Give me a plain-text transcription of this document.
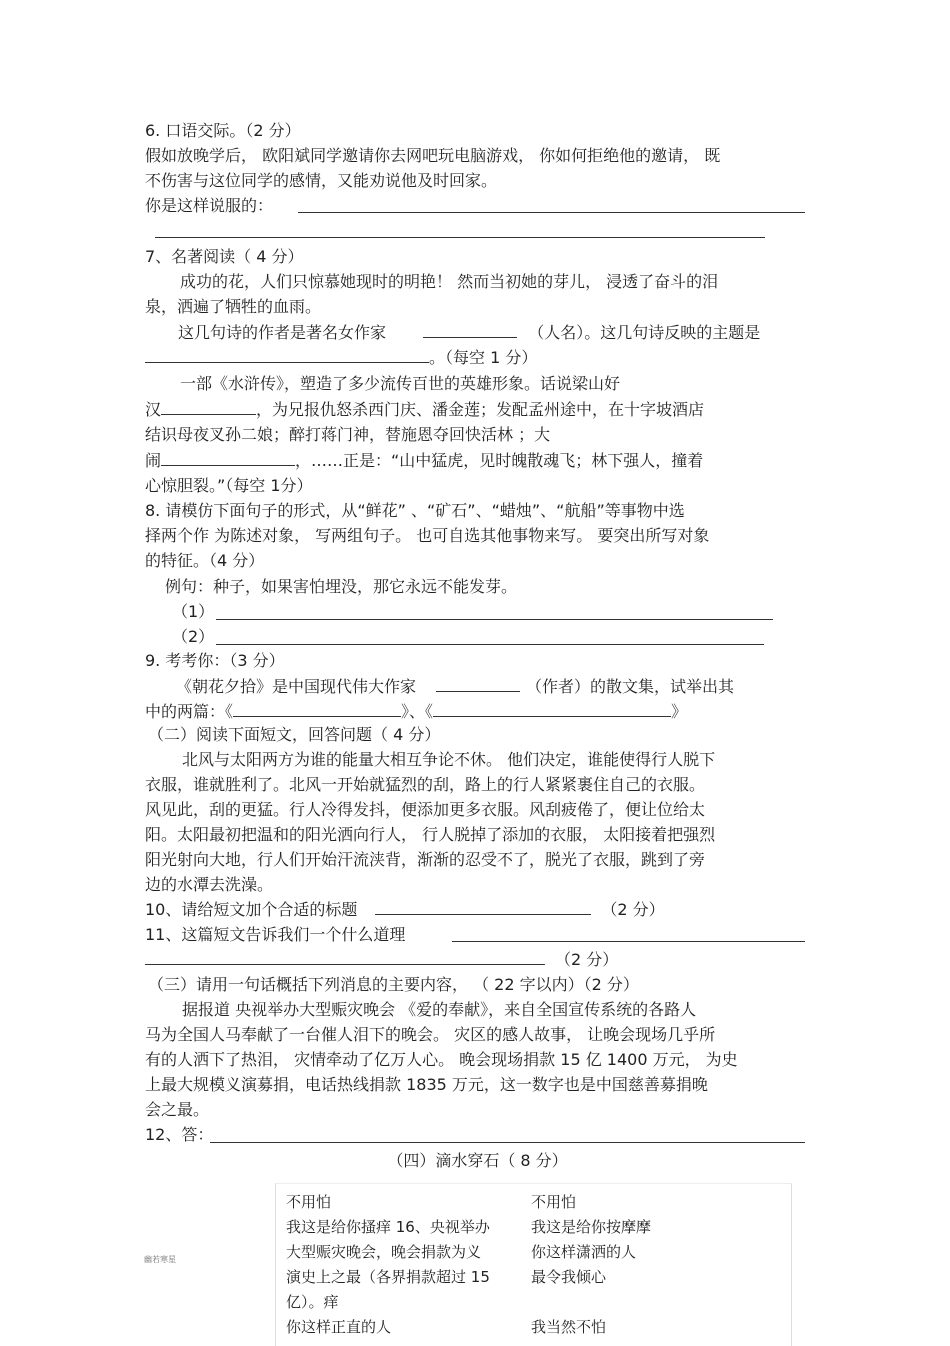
6. 口语交际。（2 分）
假如放晚学后， 欧阳斌同学邀请你去网吧玩电脑游戏， 你如何拒绝他的邀请， 既
不伤害与这位同学的感情，又能劝说他及时回家。
你是这样说服的：
7、名著阅读（ 4 分）
成功的花，人们只惊慕她现时的明艳！ 然而当初她的芽儿， 浸透了奋斗的泪
泉，洒遍了牺牲的血雨。
这几句诗的作者是著名女作家	（人名）。这几句诗反映的主题是
。（每空 1 分）
一部《水浒传》，塑造了多少流传百世的英雄形象。话说梁山好
汉	，为兄报仇怒杀西门庆、潘金莲；发配孟州途中，在十字坡酒店
结识母夜叉孙二娘；醉打蒋门神，替施恩夺回快活林 ；大
闹	，……正是：“山中猛虎，见时魄散魂飞；林下强人，撞着
心惊胆裂。”（每空 1分）
8. 请模仿下面句子的形式，从“鲜花” 、“矿石”、“蜡烛”、“航船”等事物中选
择两个作 为陈述对象， 写两组句子。 也可自选其他事物来写。 要突出所写对象
的特征。（4 分）
例句：种子，如果害怕埋没，那它永远不能发芽。
（1）
（2）
9. 考考你：（3 分）
《朝花夕拾》是中国现代伟大作家	（作者）的散文集，试举出其
中的两篇：《	》、《	》
（二）阅读下面短文，回答问题（ 4 分）
北风与太阳两方为谁的能量大相互争论不休。 他们决定，谁能使得行人脱下
衣服，谁就胜利了。北风一开始就猛烈的刮，路上的行人紧紧裹住自己的衣服。
风见此，刮的更猛。行人冷得发抖，便添加更多衣服。风刮疲倦了，便让位给太
阳。太阳最初把温和的阳光洒向行人， 行人脱掉了添加的衣服， 太阳接着把强烈
阳光射向大地，行人们开始汗流浃背，渐渐的忍受不了，脱光了衣服，跳到了旁
边的水潭去洗澡。
10、请给短文加个合适的标题	（2 分）
11、这篇短文告诉我们一个什么道理
（2 分）
（三）请用一句话概括下列消息的主要内容， （ 22 字以内）（2 分）
据报道 央视举办大型赈灾晚会 《爱的奉献》，来自全国宣传系统的各路人
马为全国人马奉献了一台催人泪下的晚会。 灾区的感人故事， 让晚会现场几乎所
有的人洒下了热泪， 灾情牵动了亿万人心。 晚会现场捐款 15 亿 1400 万元， 为史
上最大规模义演募捐，电话热线捐款 1835 万元，这一数字也是中国慈善募捐晚
会之最。
12、答：
（四）滴水穿石（ 8 分）
不用怕
我这是给你搔痒 16、央视举办
大型赈灾晚会，晚会捐款为义
演史上之最（各界捐款超过 15
亿）。痒
你这样正直的人
不用怕
我这是给你按摩摩
你这样潇洒的人
最令我倾心
我当然不怕
幽若寒星
